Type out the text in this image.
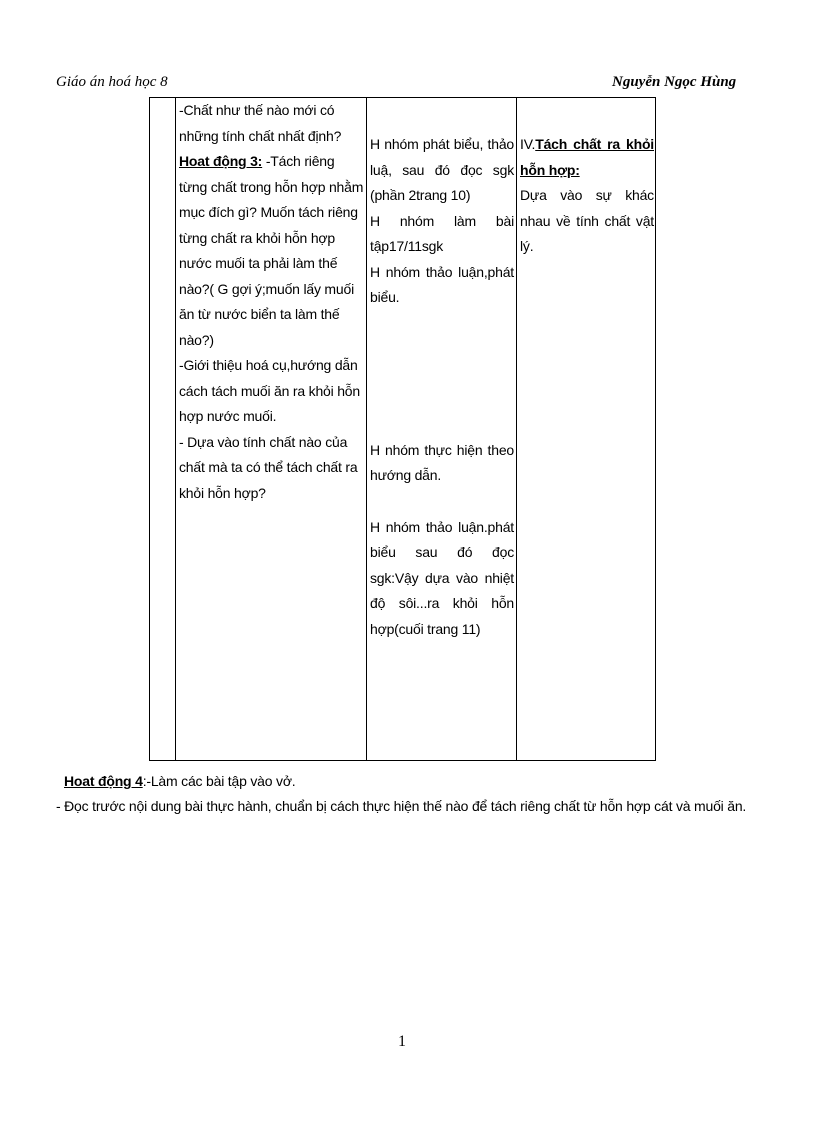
Giáo án hoá học 8	Nguyễn Ngọc Hùng

-Chất như thế nào mới có những tính chất nhất định?

Hoat động 3: -Tách riêng từng chất trong hỗn hợp nhằm mục đích gì? Muốn tách riêng từng chất ra khỏi hỗn hợp nước muối ta phải làm thế nào?( G gợi ý;muốn lấy muối ăn từ nước biển ta làm thế nào?)

-Giới thiệu hoá cụ,hướng dẫn cách tách muối ăn ra khỏi hỗn hợp nước muối.

- Dựa vào tính chất nào của chất mà ta có thể tách chất ra khỏi hỗn hợp?

H nhóm phát biểu, thảo luậ, sau đó đọc sgk (phần 2trang 10)

H nhóm làm bài tập17/11sgk

H nhóm thảo luận,phát biểu.

H nhóm thực hiện theo hướng dẫn.

H nhóm thảo luận.phát biểu sau đó đọc sgk:Vậy dựa vào nhiệt độ sôi...ra khỏi hỗn hợp(cuối trang 11)

IV.Tách chất ra khỏi hỗn hợp:

Dựa vào sự khác nhau về tính chất vật lý.

Hoat động 4:-Làm các bài tập vào vở.
- Đọc trước nội dung bài thực hành, chuẩn bị cách thực hiện thế nào để tách riêng chất từ hỗn hợp cát và muối ăn.
1
